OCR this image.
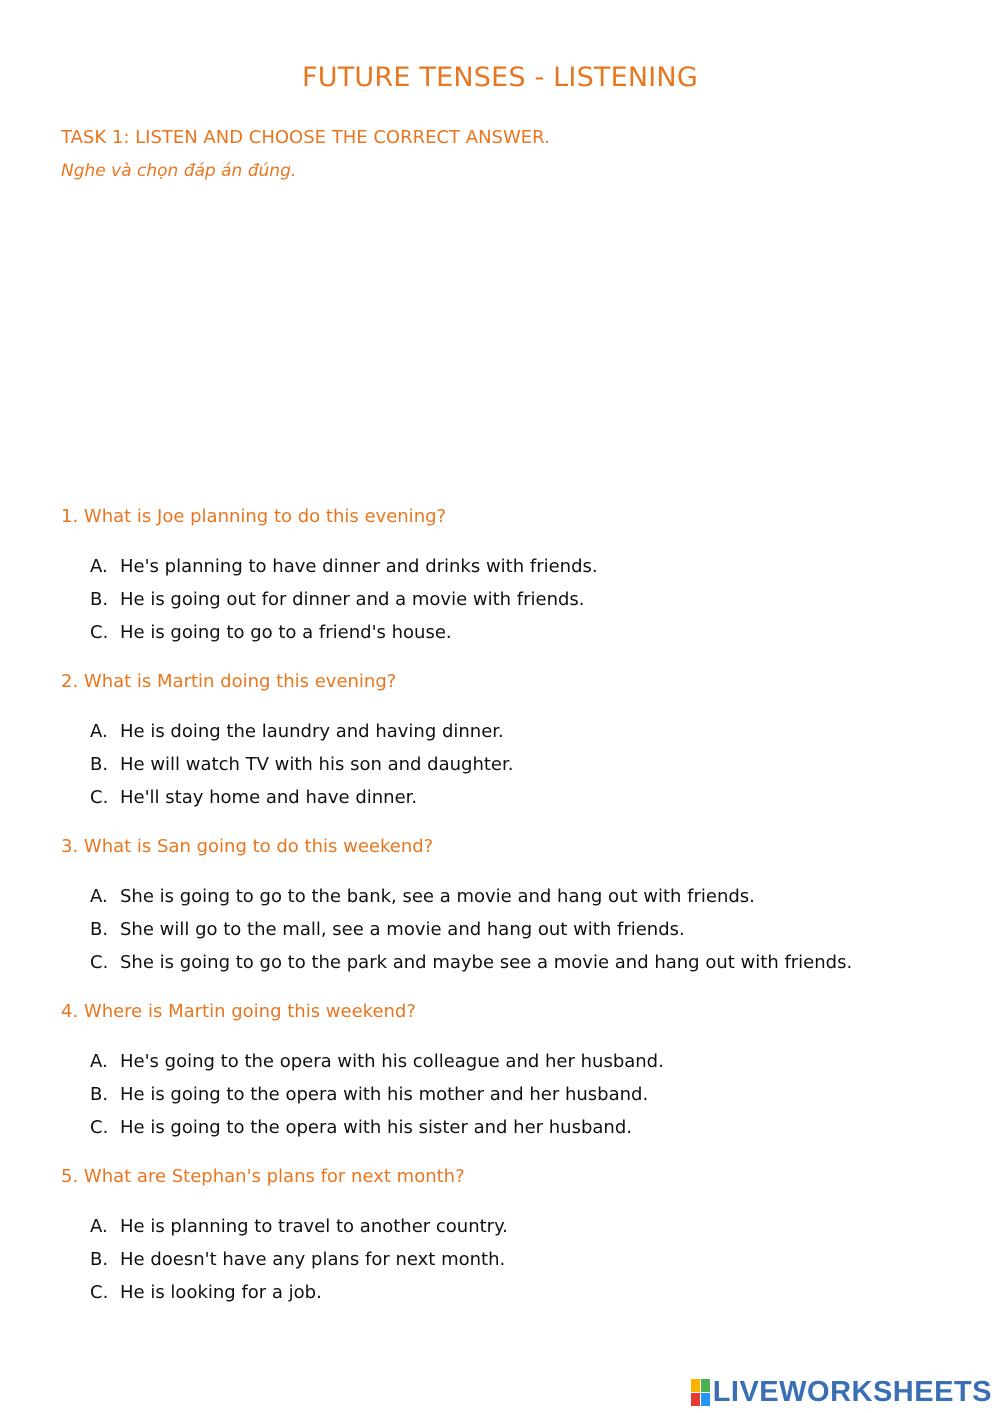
FUTURE TENSES - LISTENING
TASK 1: LISTEN AND CHOOSE THE CORRECT ANSWER.
Nghe và chọn đáp án đúng.
1. What is Joe planning to do this evening?
A. He's planning to have dinner and drinks with friends.
B. He is going out for dinner and a movie with friends.
C. He is going to go to a friend's house.
2. What is Martin doing this evening?
A. He is doing the laundry and having dinner.
B. He will watch TV with his son and daughter.
C. He'll stay home and have dinner.
3. What is San going to do this weekend?
A. She is going to go to the bank, see a movie and hang out with friends.
B. She will go to the mall, see a movie and hang out with friends.
C. She is going to go to the park and maybe see a movie and hang out with friends.
4. Where is Martin going this weekend?
A. He's going to the opera with his colleague and her husband.
B. He is going to the opera with his mother and her husband.
C. He is going to the opera with his sister and her husband.
5. What are Stephan's plans for next month?
A. He is planning to travel to another country.
B. He doesn't have any plans for next month.
C. He is looking for a job.
LIVEWORKSHEETS
